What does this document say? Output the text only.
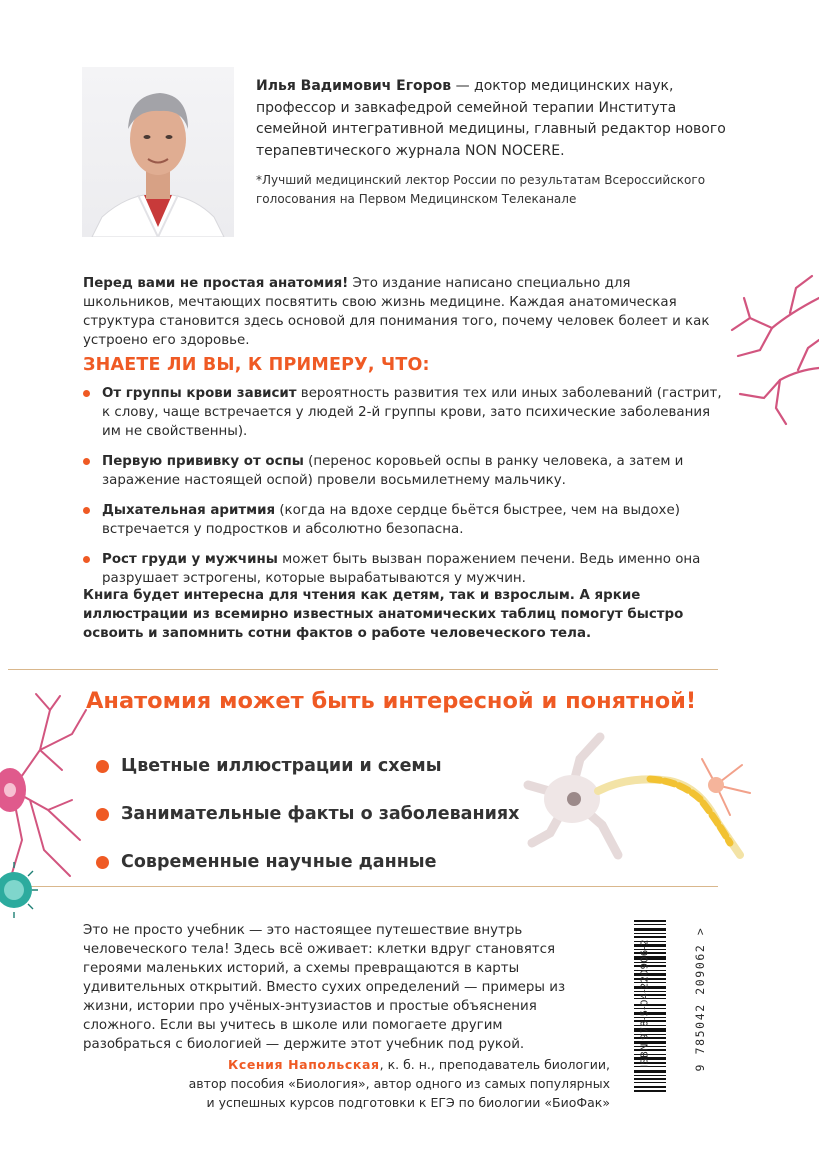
Илья Вадимович Егоров — доктор медицинских наук, профессор и завкафедрой семейной терапии Института семейной интегративной медицины, главный редактор нового терапевтического журнала NON NOCERE.

*Лучший медицинский лектор России по результатам Всероссийского голосования на Первом Медицинском Телеканале

Перед вами не простая анатомия! Это издание написано специально для школьников, мечтающих посвятить свою жизнь медицине. Каждая анатомическая структура становится здесь основой для понимания того, почему человек болеет и как устроено его здоровье.

ЗНАЕТЕ ЛИ ВЫ, К ПРИМЕРУ, ЧТО:
От группы крови зависит вероятность развития тех или иных заболеваний (гастрит, к слову, чаще встречается у людей 2-й группы крови, зато психические заболевания им не свойственны).
Первую прививку от оспы (перенос коровьей оспы в ранку человека, а затем и заражение настоящей оспой) провели восьмилетнему мальчику.
Дыхательная аритмия (когда на вдохе сердце бьётся быстрее, чем на выдохе) встречается у подростков и абсолютно безопасна.
Рост груди у мужчины может быть вызван поражением печени. Ведь именно она разрушает эстрогены, которые вырабатываются у мужчин.

Книга будет интересна для чтения как детям, так и взрослым. А яркие иллюстрации из всемирно известных анатомических таблиц помогут быстро освоить и запомнить сотни фактов о работе человеческого тела.

Анатомия может быть интересной и понятной!
Цветные иллюстрации и схемы
Занимательные факты о заболеваниях
Современные научные данные

Это не просто учебник — это настоящее путешествие внутрь человеческого тела! Здесь всё оживает: клетки вдруг становятся героями маленьких историй, а схемы превращаются в карты удивительных открытий. Вместо сухих определений — примеры из жизни, истории про учёных-энтузиастов и простые объяснения сложного. Если вы учитесь в школе или помогаете другим разобраться с биологией — держите этот учебник под рукой.

Ксения Напольская, к. б. н., преподаватель биологии,
автор пособия «Биология», автор одного из самых популярных
и успешных курсов подготовки к ЕГЭ по биологии «БиоФак»
ISBN 978-5-04-220906-2	9 785042 209062 >
